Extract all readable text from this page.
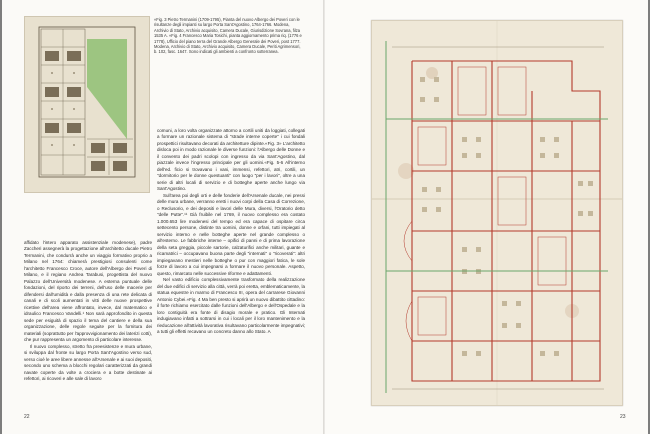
«Fig. 3 Pietro Termanini (1709-1795), Pianta del nuovo Albergo dei Poveri con le risultanze degli impianti su largo Porta Sant'Agostino, 1764-1766. Modena, Archivio di Stato, Archivio acquisito, Camera Ducale, Giurisdizione Sovrana, filza 1535 A. «Fig. 4 Francesco Maria Tosichi, pianta aggiornamento prima riq. (1776 e 1778), Ufficio del piano terra del Grande Albergo Generale dei Poveri, post 1777. Modena, Archivio di Stato, Archivio acquisito, Camera Ducale, Periti Agrimensori, b. 102, fasc. 1647. Sono indicati gli ambienti a confronto sotterranea.

affidato l'intero apparato assistenziale modenese), padre Zaccheri assegnerà la progettazione all'architetto ducale Pietro Termanini, che condurrà anche un viaggio formativo proprio a Milano nel 1764: chiamerà prestigiosi consulenti come l'architetto Francesco Croce, autore dell'Albergo dei Poveri di Milano, e il regiano Andrea Tarabusi, progettista del nuovo Palazzo dell'Università modenese. A esterna puntuale delle fondazioni, del riporto dei terreni, dell'uso delle macerie per difendersi dall'umidità e dalla presenza di una rete delicata di canali e di scoli aumentati in vitti delle nuove prospettive ricettive dell'area viene affrontato, invece, dal matematico e idraulico Francesco Vandelli.¹ Non sarà approfondito in questa sede per esiguità di spazio il tema del cantiere e della sua organizzazione, delle regole seguite per la fornitura dei materiali (soprattutto per l'approvvigionamento dei laterizi cotti), che pur rappresenta un argomento di particolare interesse.

Il nuovo complesso, stretto fra preesistenze e mura urbane, si sviluppa dal fronte su largo Porta Sant'Agostino verso sud, verso cioè le aree libere annesse all'Arsenale e ai suoi depositi, secondo uno schema a blocchi regolari caratterizzati da grandi navate coperte da volte a crociera e a botte destinate ai refettori, ai ricoveri e alle sale di lavoro

comuni, a loro volta organizzate attorno a cortili uniti da loggiati, collegati a formare un razionale sistema di "strade interne coperte" i cui fondali prospettici risultavano decorati da architetture dipinte.«Fig. 3» L'architetto disloca poi in modo razionale le diverse funzioni: l'Albergo delle Donne e il convento dei padri scolopi con ingresso da via Sant'Agostino, dal piazzale invece l'ingresso principale per gli uomini.«Fig. 5-6 All'interno dell'ed. ficio si trovavano i vani, immensi, refettori, atri, cortili, un "dormitorio per le donne questuanti" con luogo "per i lavori", oltre a una serie di altri locali di servizio e di botteghe aperte anche lungo via Sant'Agostino.

Sull'area poi degli orti e delle fonderie dell'Arsenale ducale, nei pressi delle mura urbane, verranno eretti i nuovi corpi della Casa di Correzione, o Reclusorio, e dei depositi e lavori delle Mura, diversi, l'Oratorio detto "delle Putte".¹¹ Già fruibile nel 1769, il nuovo complesso era costato 1.000.653 lire modenesi del tempo ed era capace di ospitare circa settecento persone, distinte tra uomini, donne e orfani, tutti impiegati al servizio interno e nelle botteghe aperte nel grande complesso o all'esterno. Le fabbriche interne – opifici di panni e di prima lavorazione della seta greggia, piccole sartorie, calzaturifici anche militari, guante e ricamatrici – occupavano buona parte degli "internati" o "ricoverati": altri impiegavano mestieri nelle botteghe o pur con maggiori fatica, le sole forze di lavoro a cui impegnarsi a formare il nuovo personale. Aspetto, questo, rimarcato nelle successive riforme e adattamenti.

Nel vasto edificio complessivamente trasformato della realizzazione del due edifici di servizio alla città, verrà poi eretta, emblematicamente, la statua equestre in marmo di Francesco III, opera del carrarese Giovanni Antonio Cybei.«Fig. 4 Ma ben presto si aprirà un nuovo dibattito cittadino: il forte richiamo esercitato dalle funzioni dell'Albergo e dell'Ospedale e la loro contiguità era fonte di disagio morale e pratico. Gli Internati indugiavano infatti a sottrarsi in cui i locali per il loro mantenimento e la rieducazione all'attività lavorativa risultavano particolarmente impegnativi; a tutti gli effetti recavano un concreto danno allo Stato. A

22	23
